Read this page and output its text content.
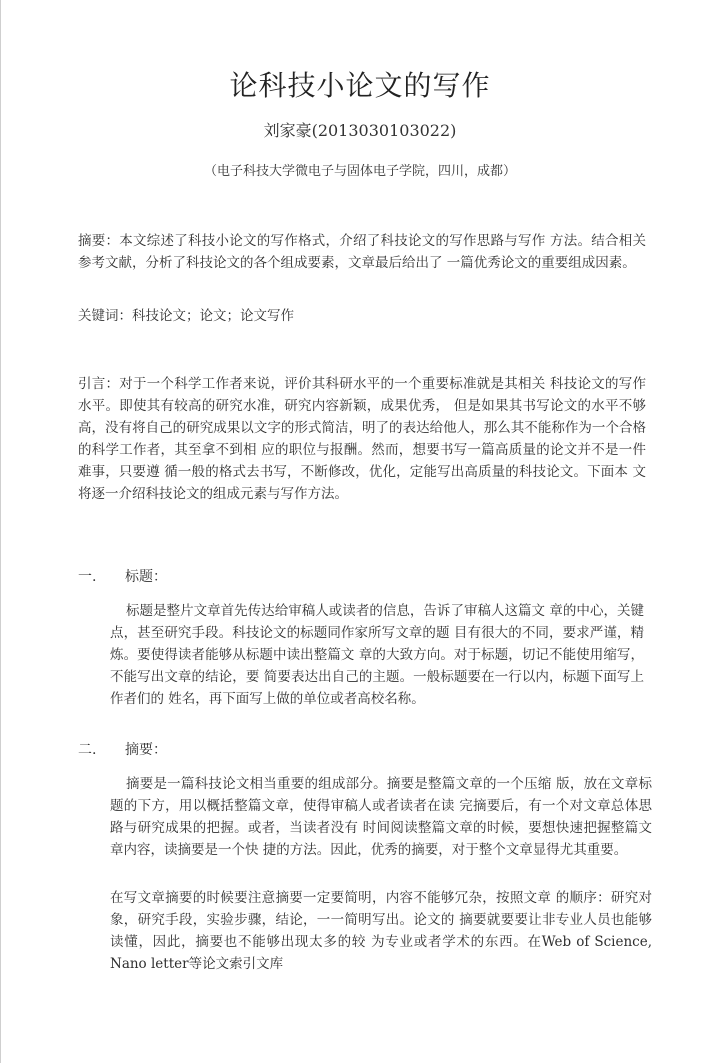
论科技小论文的写作
刘家豪(2013030103022)
（电子科技大学微电子与固体电子学院，四川，成都）
摘要：本文综述了科技小论文的写作格式，介绍了科技论文的写作思路与写作 方法。结合相关参考文献，分析了科技论文的各个组成要素，文章最后给出了 一篇优秀论文的重要组成因素。
关键词：科技论文；论文；论文写作
引言：对于一个科学工作者来说，评价其科研水平的一个重要标准就是其相关 科技论文的写作水平。即使其有较高的研究水准，研究内容新颖，成果优秀， 但是如果其书写论文的水平不够高，没有将自己的研究成果以文字的形式简洁，明了的表达给他人，那么其不能称作为一个合格的科学工作者，其至拿不到相 应的职位与报酬。然而，想要书写一篇高质量的论文并不是一件难事，只要遵 循一般的格式去书写，不断修改，优化，定能写出高质量的科技论文。下面本 文将逐一介绍科技论文的组成元素与写作方法。
一. 标题：
标题是整片文章首先传达给审稿人或读者的信息，告诉了审稿人这篇文 章的中心，关键点，甚至研究手段。科技论文的标题同作家所写文章的题 目有很大的不同，要求严谨，精炼。要使得读者能够从标题中读出整篇文 章的大致方向。对于标题，切记不能使用缩写，不能写出文章的结论，要 简要表达出自己的主题。一般标题要在一行以内，标题下面写上作者们的 姓名，再下面写上做的单位或者高校名称。
二. 摘要：
摘要是一篇科技论文相当重要的组成部分。摘要是整篇文章的一个压缩 版，放在文章标题的下方，用以概括整篇文章，使得审稿人或者读者在读 完摘要后，有一个对文章总体思路与研究成果的把握。或者，当读者没有 时间阅读整篇文章的时候，要想快速把握整篇文章内容，读摘要是一个快 捷的方法。因此，优秀的摘要，对于整个文章显得尤其重要。
在写文章摘要的时候要注意摘要一定要简明，内容不能够冗杂，按照文章 的顺序：研究对象，研究手段，实验步骤，结论，一一简明写出。论文的 摘要就要要让非专业人员也能够读懂，因此，摘要也不能够出现太多的较 为专业或者学术的东西。在Web of Science, Nano letter等论文索引文库
